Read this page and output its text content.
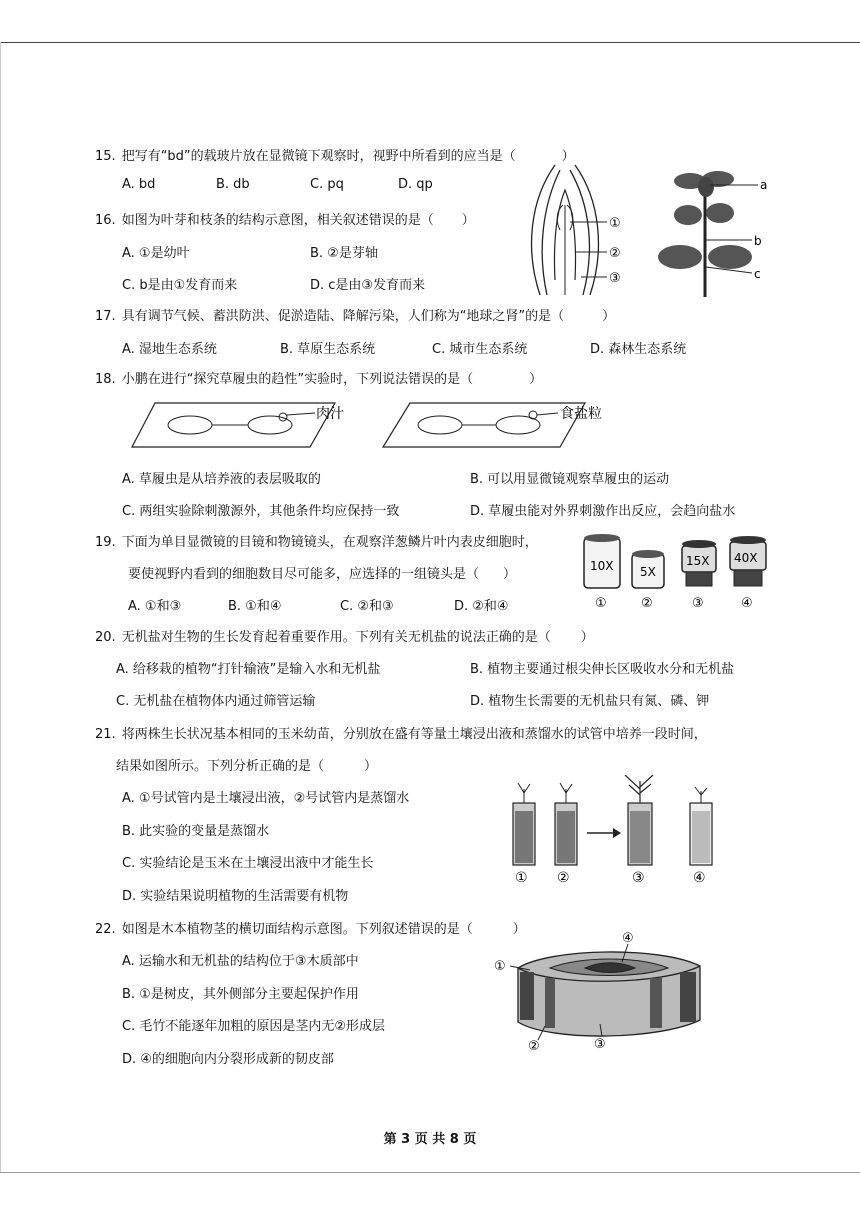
15. 把写有“bd”的载玻片放在显微镜下观察时，视野中所看到的应当是（	）
A. bd	B. db	C. pq	D. qp
16. 如图为叶芽和枝条的结构示意图，相关叙述错误的是（ ）
A. ①是幼叶	B. ②是芽轴
C. b是由①发育而来	D. c是由③发育而来
①
②
③
a
b
c
17. 具有调节气候、蓄洪防洪、促淤造陆、降解污染，人们称为“地球之肾”的是（	）
A. 湿地生态系统	B. 草原生态系统	C. 城市生态系统	D. 森林生态系统
18. 小鹏在进行“探究草履虫的趋性”实验时，下列说法错误的是（	）
肉汁	食盐粒
A. 草履虫是从培养液的表层吸取的	B. 可以用显微镜观察草履虫的运动
C. 两组实验除刺激源外，其他条件均应保持一致	D. 草履虫能对外界刺激作出反应，会趋向盐水
19. 下面为单目显微镜的目镜和物镜镜头，在观察洋葱鳞片叶内表皮细胞时，
要使视野内看到的细胞数目尽可能多，应选择的一组镜头是（ ）
A. ①和③	B. ①和④	C. ②和③	D. ②和④
10X
①
5X
②
15X
③
40X
④
20. 无机盐对生物的生长发育起着重要作用。下列有关无机盐的说法正确的是（ ）
A. 给移栽的植物“打针输液”是输入水和无机盐	B. 植物主要通过根尖伸长区吸收水分和无机盐
C. 无机盐在植物体内通过筛管运输	D. 植物生长需要的无机盐只有氮、磷、钾
21. 将两株生长状况基本相同的玉米幼苗，分别放在盛有等量土壤浸出液和蒸馏水的试管中培养一段时间，
结果如图所示。下列分析正确的是（	）
A. ①号试管内是土壤浸出液，②号试管内是蒸馏水
B. 此实验的变量是蒸馏水
C. 实验结论是玉米在土壤浸出液中才能生长
D. 实验结果说明植物的生活需要有机物
① ②	③	④
22. 如图是木本植物茎的横切面结构示意图。下列叙述错误的是（	）
A. 运输水和无机盐的结构位于③木质部中
B. ①是树皮，其外侧部分主要起保护作用
C. 毛竹不能逐年加粗的原因是茎内无②形成层
D. ④的细胞向内分裂形成新的韧皮部
①
②	③
④
第 3 页 共 8 页
